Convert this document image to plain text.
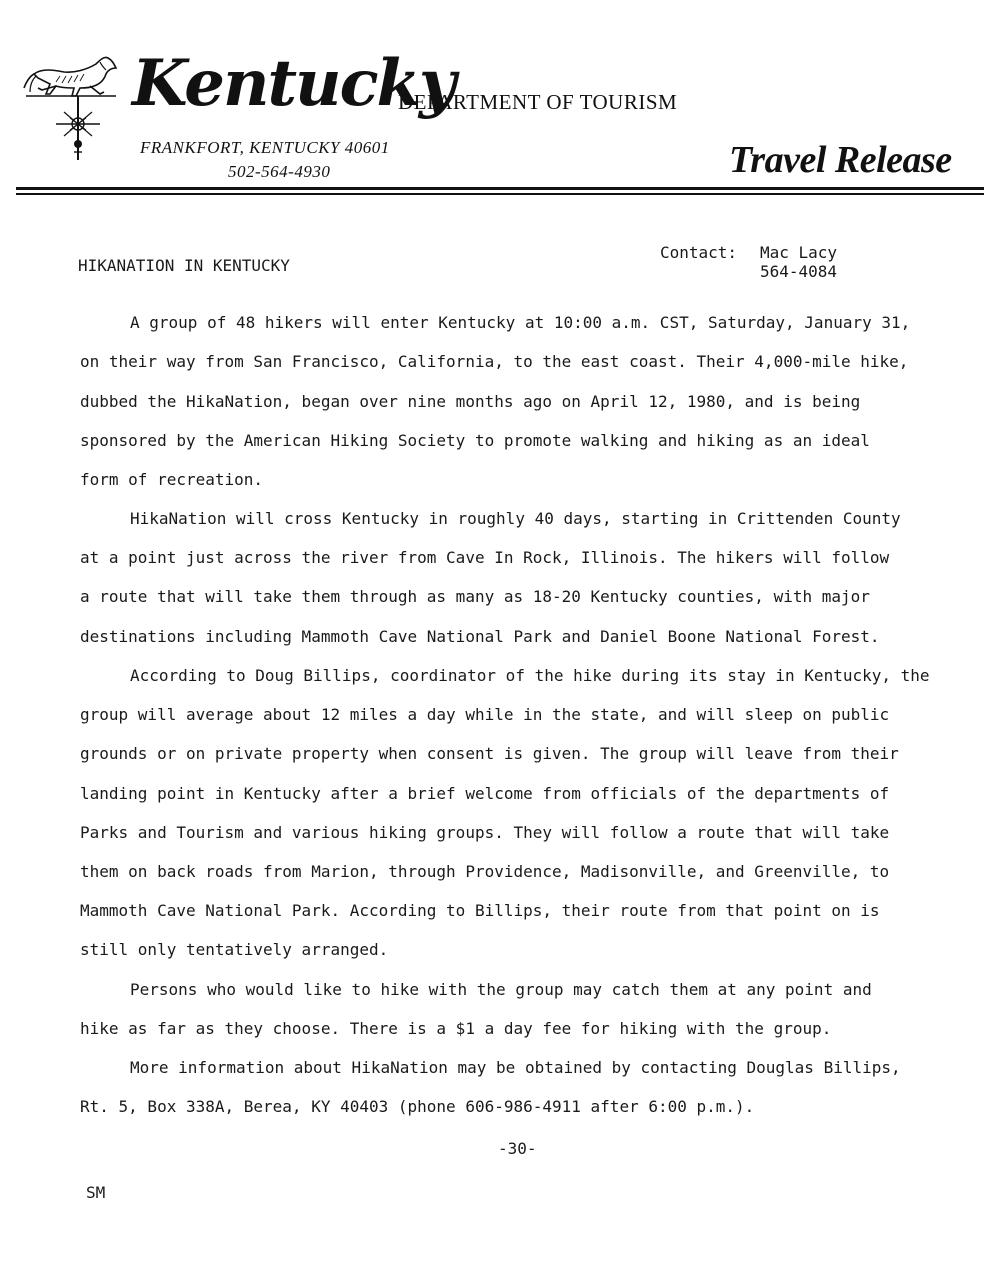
Kentucky
DEPARTMENT OF TOURISM
FRANKFORT, KENTUCKY 40601
502-564-4930	Travel Release
HIKANATION IN KENTUCKY
Contact: Mac Lacy
564-4084
A group of 48 hikers will enter Kentucky at 10:00 a.m. CST, Saturday, January 31,
on their way from San Francisco, California, to the east coast. Their 4,000-mile hike,
dubbed the HikaNation, began over nine months ago on April 12, 1980, and is being
sponsored by the American Hiking Society to promote walking and hiking as an ideal
form of recreation.
HikaNation will cross Kentucky in roughly 40 days, starting in Crittenden County
at a point just across the river from Cave In Rock, Illinois. The hikers will follow
a route that will take them through as many as 18-20 Kentucky counties, with major
destinations including Mammoth Cave National Park and Daniel Boone National Forest.
According to Doug Billips, coordinator of the hike during its stay in Kentucky, the
group will average about 12 miles a day while in the state, and will sleep on public
grounds or on private property when consent is given. The group will leave from their
landing point in Kentucky after a brief welcome from officials of the departments of
Parks and Tourism and various hiking groups. They will follow a route that will take
them on back roads from Marion, through Providence, Madisonville, and Greenville, to
Mammoth Cave National Park. According to Billips, their route from that point on is
still only tentatively arranged.
Persons who would like to hike with the group may catch them at any point and
hike as far as they choose. There is a $1 a day fee for hiking with the group.
More information about HikaNation may be obtained by contacting Douglas Billips,
Rt. 5, Box 338A, Berea, KY 40403 (phone 606-986-4911 after 6:00 p.m.).
-30-
SM
